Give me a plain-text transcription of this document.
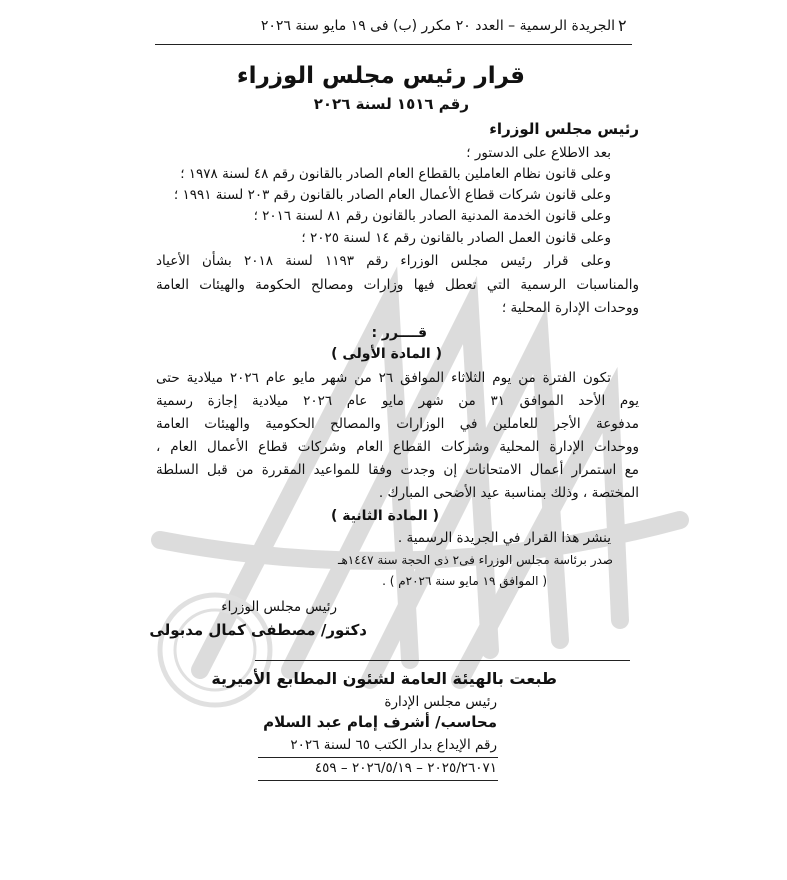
٢
الجريدة الرسمية – العدد ٢٠ مكرر (ب) فى ١٩ مايو سنة ٢٠٢٦
قرار رئيس مجلس الوزراء
رقم ١٥١٦ لسنة ٢٠٢٦
رئيس مجلس الوزراء
بعد الاطلاع على الدستور ؛
وعلى قانون نظام العاملين بالقطاع العام الصادر بالقانون رقم ٤٨ لسنة ١٩٧٨ ؛
وعلى قانون شركات قطاع الأعمال العام الصادر بالقانون رقم ٢٠٣ لسنة ١٩٩١ ؛
وعلى قانون الخدمة المدنية الصادر بالقانون رقم ٨١ لسنة ٢٠١٦ ؛
وعلى قانون العمل الصادر بالقانون رقم ١٤ لسنة ٢٠٢٥ ؛
وعلى قرار رئيس مجلس الوزراء رقم ١١٩٣ لسنة ٢٠١٨ بشأن الأعياد
والمناسبات الرسمية التي تعطل فيها وزارات ومصالح الحكومة والهيئات العامة
ووحدات الإدارة المحلية ؛
قــــرر :
( المادة الأولى )
تكون الفترة من يوم الثلاثاء الموافق ٢٦ من شهر مايو عام ٢٠٢٦ ميلادية حتى
يوم الأحد الموافق ٣١ من شهر مايو عام ٢٠٢٦ ميلادية إجازة رسمية
مدفوعة الأجر للعاملين في الوزارات والمصالح الحكومية والهيئات العامة
ووحدات الإدارة المحلية وشركات القطاع العام وشركات قطاع الأعمال العام ،
مع استمرار أعمال الامتحانات إن وجدت وفقا للمواعيد المقررة من قبل السلطة
المختصة ، وذلك بمناسبة عيد الأضحى المبارك .
( المادة الثانية )
ينشر هذا القرار في الجريدة الرسمية .
صدر برئاسة مجلس الوزراء فى٢ ذى الحجة سنة ١٤٤٧هـ
( الموافق ١٩ مايو سنة ٢٠٢٦م ) .
رئيس مجلس الوزراء
دكتور/ مصطفى كمال مدبولى
طبعت بالهيئة العامة لشئون المطابع الأميرية
رئيس مجلس الإدارة
محاسب/ أشرف إمام عبد السلام
رقم الإيداع بدار الكتب ٦٥ لسنة ٢٠٢٦
٢٠٢٥/٢٦٠٧١ – ٢٠٢٦/٥/١٩ – ٤٥٩
